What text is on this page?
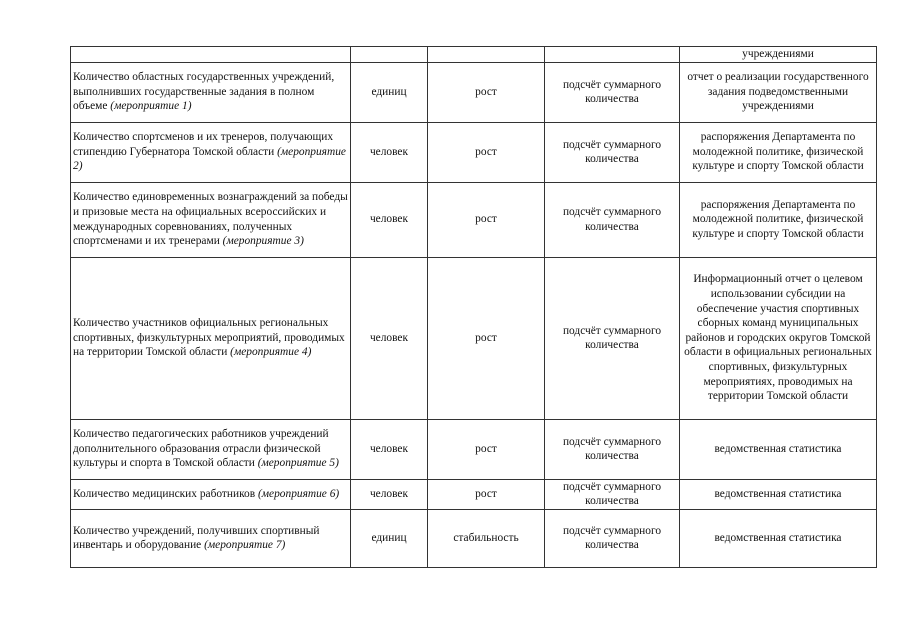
				учреждениями
Количество областных государственных учреждений, выполнивших государственные задания в полном объеме (мероприятие 1)	единиц	рост	подсчёт суммарного количества	отчет о реализации государственного задания подведомственными учреждениями
Количество спортсменов и их тренеров, получающих стипендию Губернатора Томской области (мероприятие 2)	человек	рост	подсчёт суммарного количества	распоряжения Департамента по молодежной политике, физической культуре и спорту Томской области
Количество единовременных вознаграждений за победы и призовые места на официальных всероссийских и международных соревнованиях, полученных спортсменами и их тренерами (мероприятие 3)	человек	рост	подсчёт суммарного количества	распоряжения Департамента по молодежной политике, физической культуре и спорту Томской области
Количество участников официальных региональных спортивных, физкультурных мероприятий, проводимых на территории Томской области (мероприятие 4)	человек	рост	подсчёт суммарного количества	Информационный отчет о целевом использовании субсидии на обеспечение участия спортивных сборных команд муниципальных районов и городских округов Томской области в официальных региональных спортивных, физкультурных мероприятиях, проводимых на территории Томской области
Количество педагогических работников учреждений дополнительного образования отрасли физической культуры и спорта в Томской области (мероприятие 5)	человек	рост	подсчёт суммарного количества	ведомственная статистика
Количество медицинских работников (мероприятие 6)	человек	рост	подсчёт суммарного количества	ведомственная статистика
Количество учреждений, получивших спортивный инвентарь и оборудование (мероприятие 7)	единиц	стабильность	подсчёт суммарного количества	ведомственная статистика
